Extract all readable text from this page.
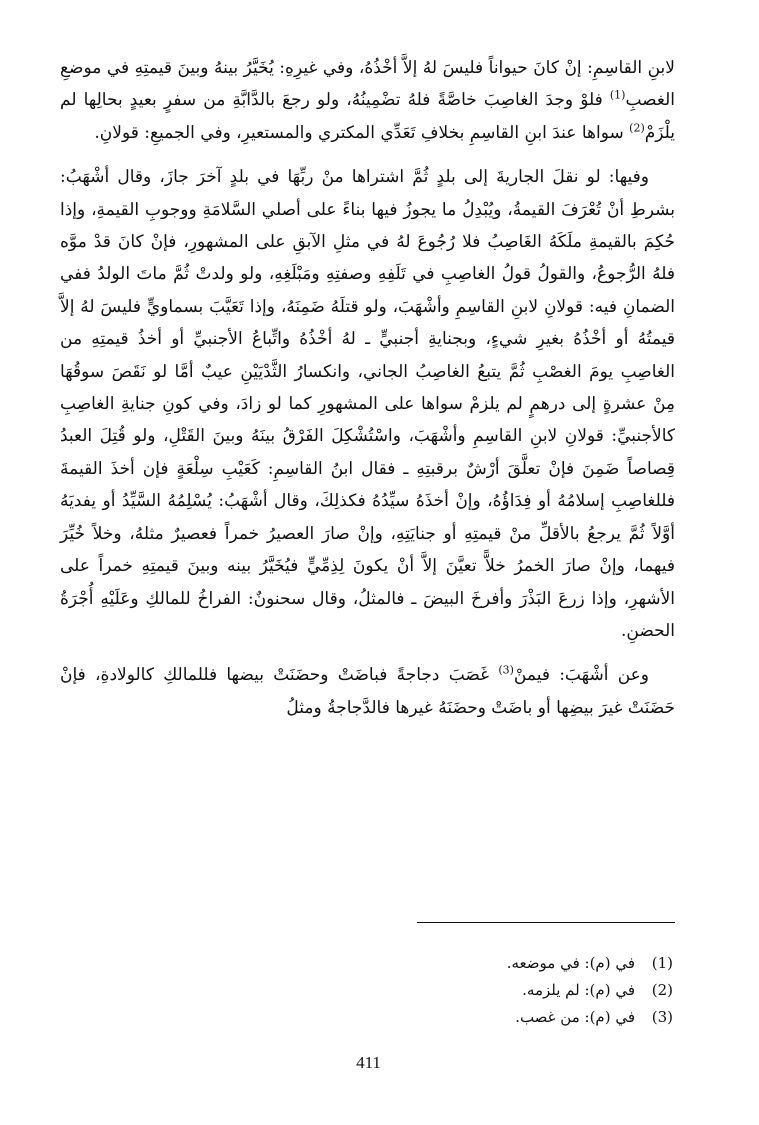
لابنِ القاسِمِ: إنْ كانَ حيواناً فليسَ لهُ إلاَّ أخْذُهُ، وفي غيرِهِ: يُخَيَّرُ بينهُ وبينَ قيمتِهِ في موضعِ الغصبِ$^{(1)}$ فلوْ وجدَ الغاصِبَ خاصَّةً فلهُ تضْمِينُهُ، ولو رجعَ بالدَّابَّةِ من سفرٍ بعيدٍ بحالِها لم يلْزَمْ$^{(2)}$ سواها عندَ ابنِ القاسِمِ بخلافِ تَعَدِّي المكتري والمستعيرِ، وفي الجميعِ: قولانِ.

وفيها: لو نقلَ الجاريةَ إلى بلدٍ ثُمَّ اشتراها منْ ربِّهَا في بلدٍ آخرَ جازَ، وقال أشْهَبُ: بشرطِ أنْ تُعْرَفَ القيمةُ، ويُبْدِلُ ما يجوزُ فيها بناءً على أصلي السَّلامَةِ ووجوبِ القيمةِ، وإذا حُكِمَ بالقيمةِ ملَكَهُ الغَاصِبُ فلا رُجُوعَ لهُ في مثلِ الآبقِ على المشهورِ، فإنْ كانَ قدْ موَّه فلهُ الرُّجوعُ، والقولُ قولُ الغاصِبِ في تَلَفِهِ وصفتِهِ ومَبْلَغِهِ، ولو ولدتْ ثُمَّ ماتَ الولدُ ففي الضمانِ فيه: قولانِ لابنِ القاسِمِ وأشْهَبَ، ولو قتلَهُ ضَمِنَهُ، وإذا تَعَيَّبَ بسماويٍّ فليسَ لهُ إلاَّ قيمتُهُ أو أخْذُهُ بغيرِ شيءٍ، وبجنايةِ أجنبيٍّ ـ لهُ أخْذُهُ واتِّباعُ الأجنبيِّ أو أخذُ قيمتِهِ من الغاصِبِ يومَ الغصْبِ ثُمَّ يتبعُ الغاصِبُ الجاني، وانكسارُ الثَّدْيَيْنِ عيبٌ أمَّا لو نَقَصَ سوقُهَا مِنْ عشرةٍ إلى درهمٍ لم يلزمْ سواها على المشهورِ كما لو زادَ، وفي كونِ جنايةِ الغاصِبِ كالأجنبيِّ: قولانِ لابنِ القاسِمِ وأشْهَبَ، واسْتُشْكِلَ الفَرْقُ بينَهُ وبينَ القَتْلِ، ولو قُتِلَ العبدُ قِصاصاً ضَمِنَ فإنْ تعلَّقَ أرْشٌ برقبتِهِ ـ فقال ابنُ القاسِمِ: كَعَيْبِ سِلْعَةٍ فإن أخذَ القيمةَ فللغاصِبِ إسلامُهُ أو فِدَاؤُهُ، وإنْ أخذَهُ سيِّدُهُ فكذلِكَ، وقال أشْهَبُ: يُسْلِمُهُ السَّيِّدُ أو يفديَهُ أوَّلاً ثُمَّ يرجعُ بالأقلِّ منْ قيمتِهِ أو جنايَتِهِ، وإنْ صارَ العصيرُ خمراً فعصيرٌ مثلهُ، وخلاً خُيِّرَ فيهما، وإنْ صارَ الخمرُ خلاًّ تعيَّنَ إلاَّ أنْ يكونَ لِذِمِّيٍّ فيُخَيَّرُ بينه وبينَ قيمتِهِ خمراً على الأشهرِ، وإذا زرعَ البَذْرَ وأفرخَ البيضَ ـ فالمثلُ، وقال سحنونٌ: الفراخُ للمالكِ وعَلَيْهِ أُجْرَةُ الحضنِ.

وعن أشْهَبَ: فيمنْ$^{(3)}$ غَصَبَ دجاجةً فباضَتْ وحضَنَتْ بيضها فللمالكِ كالولادةِ، فإنْ حَضَنَتْ غيرَ بيضِها أو باضَتْ وحضَنَهُ غيرها فالدَّجاجةُ ومثلُ

(1)
في (م): في موضعه.
(2)
في (م): لم يلزمه.
(3)
في (م): من غصب.
411
